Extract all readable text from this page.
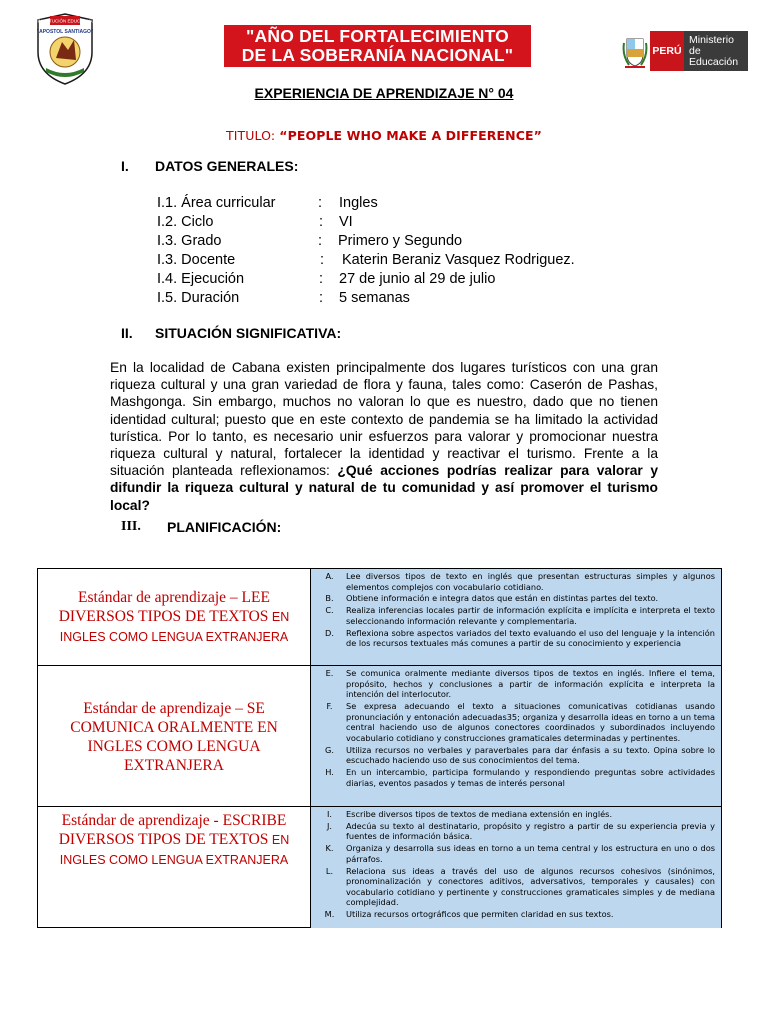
INSTITUCIÓN EDUCATIVA
"APOSTOL SANTIAGO"	"AÑO DEL FORTALECIMIENTO
DE LA SOBERANÍA NACIONAL"	PERÚ
Ministerio
de Educación
EXPERIENCIA DE APRENDIZAJE N° 04
TITULO: “PEOPLE WHO MAKE A DIFFERENCE”
I. DATOS GENERALES:
I.1. Área curricular	: Ingles
I.2. Ciclo	: VI
I.3. Grado	: Primero y Segundo
I.3. Docente	: Katerin Beraniz Vasquez Rodriguez.
I.4. Ejecución	: 27 de junio al 29 de julio
I.5. Duración	: 5 semanas
II. SITUACIÓN SIGNIFICATIVA:
En la localidad de Cabana existen principalmente dos lugares turísticos con una gran riqueza cultural y una gran variedad de flora y fauna, tales como: Caserón de Pashas, Mashgonga. Sin embargo, muchos no valoran lo que es nuestro, dado que no tienen identidad cultural; puesto que en este contexto de pandemia se ha limitado la actividad turística. Por lo tanto, es necesario unir esfuerzos para valorar y promocionar nuestra riqueza cultural y natural, fortalecer la identidad y reactivar el turismo. Frente a la situación planteada reflexionamos: ¿Qué acciones podrías realizar para valorar y difundir la riqueza cultural y natural de tu comunidad y así promover el turismo local?
III. PLANIFICACIÓN:
Estándar de aprendizaje – LEE DIVERSOS TIPOS DE TEXTOS EN INGLES COMO LENGUA EXTRANJERA
A.	Lee diversos tipos de texto en inglés que presentan estructuras simples y algunos elementos complejos con vocabulario cotidiano.
B.	Obtiene información e integra datos que están en distintas partes del texto.
C.	Realiza inferencias locales partir de información explícita e implícita e interpreta el texto seleccionando información relevante y complementaria.
D.	Reflexiona sobre aspectos variados del texto evaluando el uso del lenguaje y la intención de los recursos textuales más comunes a partir de su conocimiento y experiencia
Estándar de aprendizaje – SE COMUNICA ORALMENTE EN INGLES COMO LENGUA EXTRANJERA
E.	Se comunica oralmente mediante diversos tipos de textos en inglés. Infiere el tema, propósito, hechos y conclusiones a partir de información explícita e interpreta la intención del interlocutor.
F.	Se expresa adecuando el texto a situaciones comunicativas cotidianas usando pronunciación y entonación adecuadas35; organiza y desarrolla ideas en torno a un tema central haciendo uso de algunos conectores coordinados y subordinados incluyendo vocabulario cotidiano y construcciones gramaticales determinadas y pertinentes.
G.	Utiliza recursos no verbales y paraverbales para dar énfasis a su texto. Opina sobre lo escuchado haciendo uso de sus conocimientos del tema.
H.	En un intercambio, participa formulando y respondiendo preguntas sobre actividades diarias, eventos pasados y temas de interés personal
Estándar de aprendizaje - ESCRIBE DIVERSOS TIPOS DE TEXTOS EN INGLES COMO LENGUA EXTRANJERA
I.	Escribe diversos tipos de textos de mediana extensión en inglés.
J.	Adecúa su texto al destinatario, propósito y registro a partir de su experiencia previa y fuentes de información básica.
K.	Organiza y desarrolla sus ideas en torno a un tema central y los estructura en uno o dos párrafos.
L.	Relaciona sus ideas a través del uso de algunos recursos cohesivos (sinónimos, pronominalización y conectores aditivos, adversativos, temporales y causales) con vocabulario cotidiano y pertinente y construcciones gramaticales simples y de mediana complejidad.
M.	Utiliza recursos ortográficos que permiten claridad en sus textos.
